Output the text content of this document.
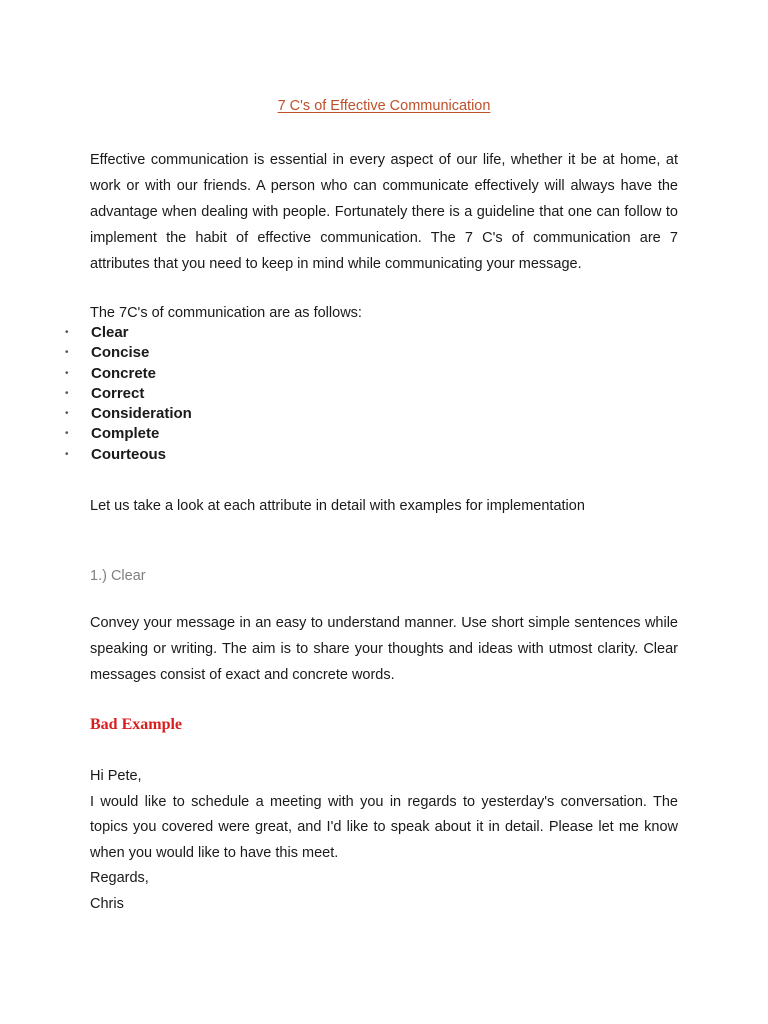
7 C's of Effective Communication

Effective communication is essential in every aspect of our life, whether it be at home, at work or with our friends. A person who can communicate effectively will always have the advantage when dealing with people. Fortunately there is a guideline that one can follow to implement the habit of effective communication. The 7 C's of communication are 7 attributes that you need to keep in mind while communicating your message.

The 7C's of communication are as follows:

• Clear
• Concise
• Concrete
• Correct
• Consideration
• Complete
• Courteous
Let us take a look at each attribute in detail with examples for implementation
1.) Clear

Convey your message in an easy to understand manner. Use short simple sentences while speaking or writing. The aim is to share your thoughts and ideas with utmost clarity. Clear messages consist of exact and concrete words.

Bad Example
Hi Pete,
I would like to schedule a meeting with you in regards to yesterday's conversation. The topics you covered were great, and I'd like to speak about it in detail. Please let me know when you would like to have this meet.
Regards,
Chris
